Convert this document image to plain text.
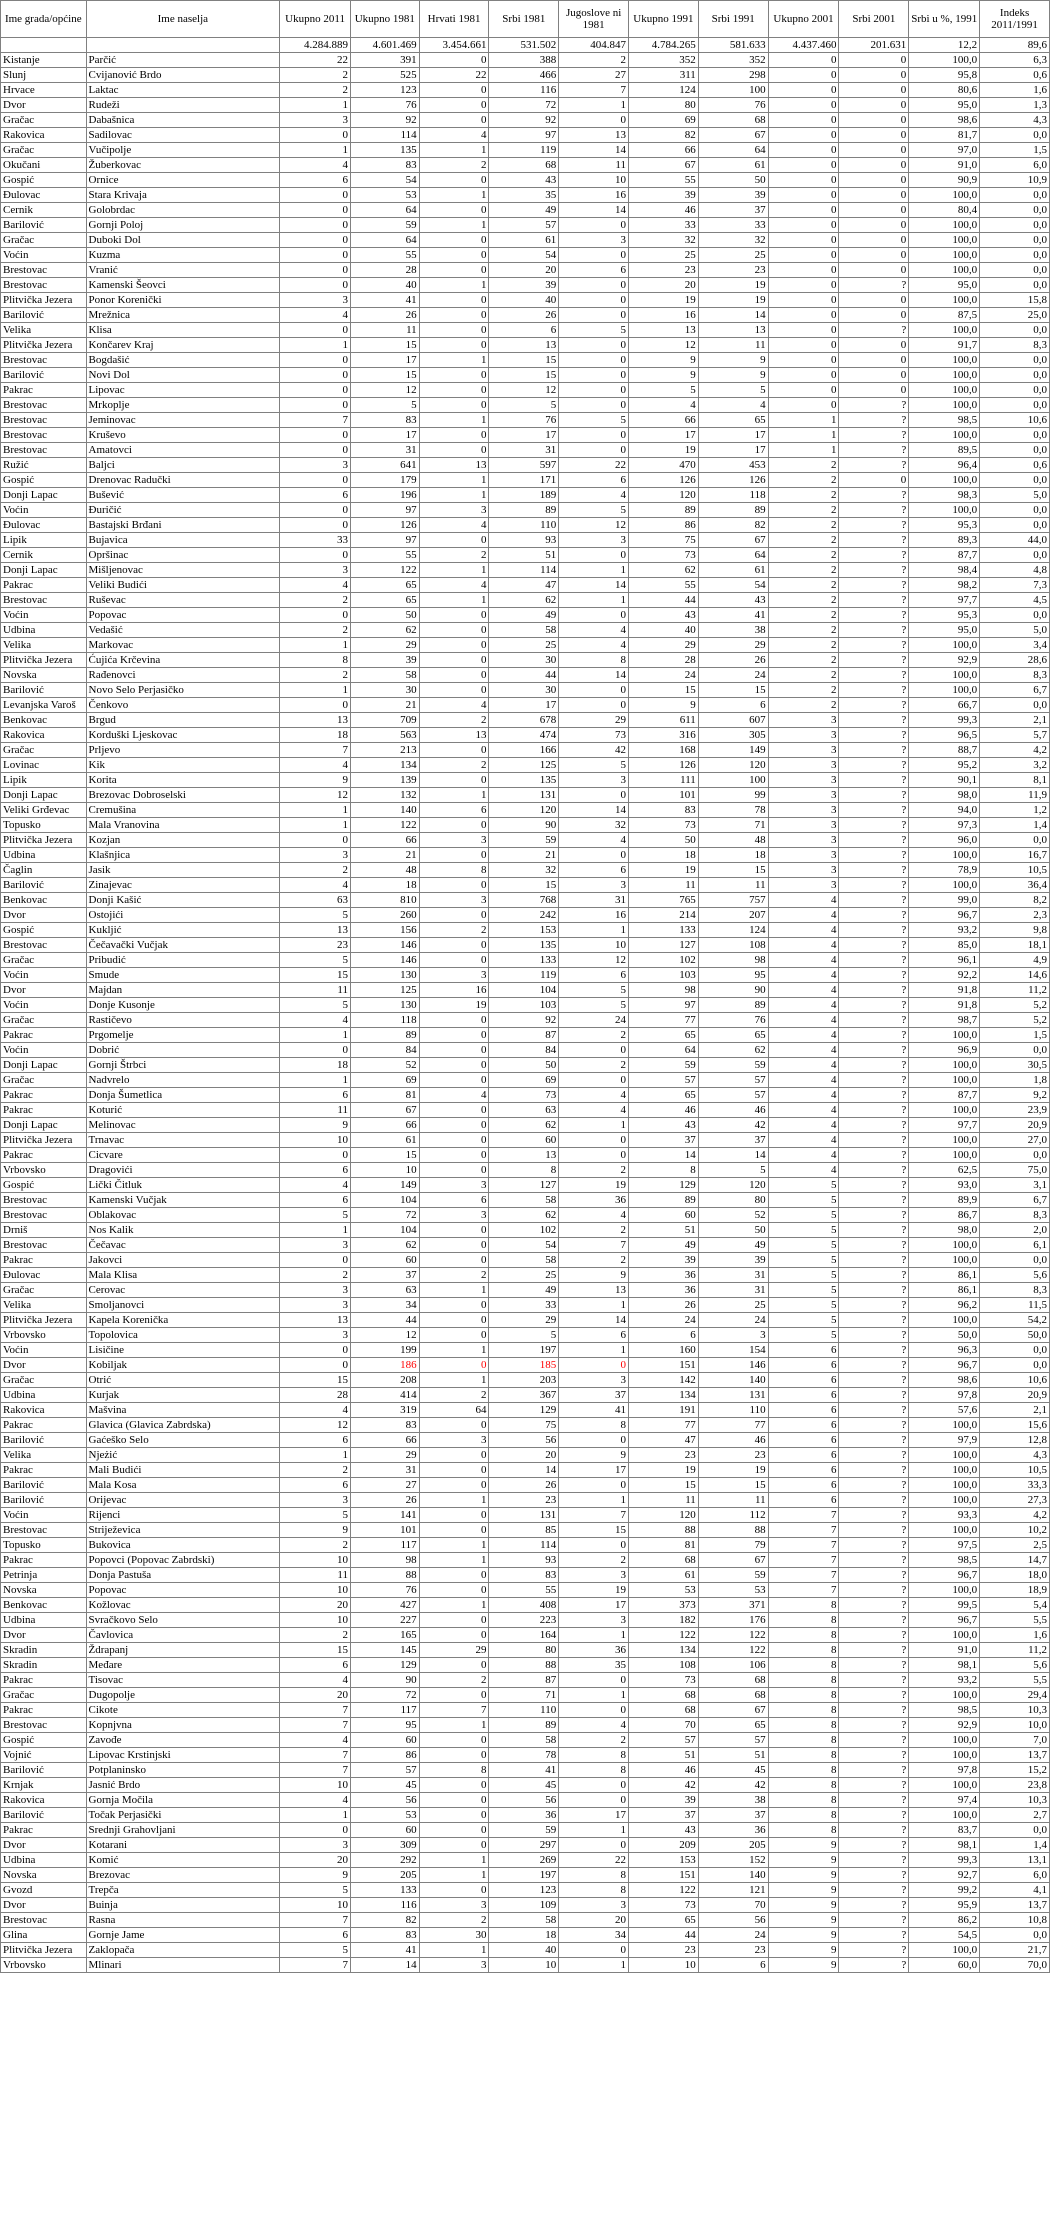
Ime grada/općine	Ime naselja	Ukupno 2011	Ukupno 1981	Hrvati 1981	Srbi 1981	Jugoslove ni 1981	Ukupno 1991	Srbi 1991	Ukupno 2001	Srbi 2001	Srbi u %, 1991	Indeks 2011/1991
		4.284.889	4.601.469	3.454.661	531.502	404.847	4.784.265	581.633	4.437.460	201.631	12,2	89,6
Kistanje	Parčić	22	391	0	388	2	352	352	0	0	100,0	6,3
Slunj	Cvijanović Brdo	2	525	22	466	27	311	298	0	0	95,8	0,6
Hrvace	Laktac	2	123	0	116	7	124	100	0	0	80,6	1,6
Dvor	Rudeži	1	76	0	72	1	80	76	0	0	95,0	1,3
Gračac	Dabašnica	3	92	0	92	0	69	68	0	0	98,6	4,3
Rakovica	Sadilovac	0	114	4	97	13	82	67	0	0	81,7	0,0
Gračac	Vučipolje	1	135	1	119	14	66	64	0	0	97,0	1,5
Okučani	Žuberkovac	4	83	2	68	11	67	61	0	0	91,0	6,0
Gospić	Ornice	6	54	0	43	10	55	50	0	0	90,9	10,9
Đulovac	Stara Krivaja	0	53	1	35	16	39	39	0	0	100,0	0,0
Cernik	Golobrdac	0	64	0	49	14	46	37	0	0	80,4	0,0
Barilović	Gornji Poloj	0	59	1	57	0	33	33	0	0	100,0	0,0
Gračac	Duboki Dol	0	64	0	61	3	32	32	0	0	100,0	0,0
Voćin	Kuzma	0	55	0	54	0	25	25	0	0	100,0	0,0
Brestovac	Vranić	0	28	0	20	6	23	23	0	0	100,0	0,0
Brestovac	Kamenski Šeovci	0	40	1	39	0	20	19	0	?	95,0	0,0
Plitvička Jezera	Ponor Korenički	3	41	0	40	0	19	19	0	0	100,0	15,8
Barilović	Mrežnica	4	26	0	26	0	16	14	0	0	87,5	25,0
Velika	Klisa	0	11	0	6	5	13	13	0	?	100,0	0,0
Plitvička Jezera	Končarev Kraj	1	15	0	13	0	12	11	0	0	91,7	8,3
Brestovac	Bogdašić	0	17	1	15	0	9	9	0	0	100,0	0,0
Barilović	Novi Dol	0	15	0	15	0	9	9	0	0	100,0	0,0
Pakrac	Lipovac	0	12	0	12	0	5	5	0	0	100,0	0,0
Brestovac	Mrkoplje	0	5	0	5	0	4	4	0	?	100,0	0,0
Brestovac	Jeminovac	7	83	1	76	5	66	65	1	?	98,5	10,6
Brestovac	Kruševo	0	17	0	17	0	17	17	1	?	100,0	0,0
Brestovac	Amatovci	0	31	0	31	0	19	17	1	?	89,5	0,0
Ružić	Baljci	3	641	13	597	22	470	453	2	?	96,4	0,6
Gospić	Drenovac Radučki	0	179	1	171	6	126	126	2	0	100,0	0,0
Donji Lapac	Bušević	6	196	1	189	4	120	118	2	?	98,3	5,0
Voćin	Đuričić	0	97	3	89	5	89	89	2	?	100,0	0,0
Đulovac	Bastajski Brđani	0	126	4	110	12	86	82	2	?	95,3	0,0
Lipik	Bujavica	33	97	0	93	3	75	67	2	?	89,3	44,0
Cernik	Opršinac	0	55	2	51	0	73	64	2	?	87,7	0,0
Donji Lapac	Mišljenovac	3	122	1	114	1	62	61	2	?	98,4	4,8
Pakrac	Veliki Budići	4	65	4	47	14	55	54	2	?	98,2	7,3
Brestovac	Ruševac	2	65	1	62	1	44	43	2	?	97,7	4,5
Voćin	Popovac	0	50	0	49	0	43	41	2	?	95,3	0,0
Udbina	Vedašić	2	62	0	58	4	40	38	2	?	95,0	5,0
Velika	Markovac	1	29	0	25	4	29	29	2	?	100,0	3,4
Plitvička Jezera	Ćujića Krčevina	8	39	0	30	8	28	26	2	?	92,9	28,6
Novska	Rađenovci	2	58	0	44	14	24	24	2	?	100,0	8,3
Barilović	Novo Selo Perjasičko	1	30	0	30	0	15	15	2	?	100,0	6,7
Levanjska Varoš	Čenkovo	0	21	4	17	0	9	6	2	?	66,7	0,0
Benkovac	Brgud	13	709	2	678	29	611	607	3	?	99,3	2,1
Rakovica	Korduški Ljeskovac	18	563	13	474	73	316	305	3	?	96,5	5,7
Gračac	Prljevo	7	213	0	166	42	168	149	3	?	88,7	4,2
Lovinac	Kik	4	134	2	125	5	126	120	3	?	95,2	3,2
Lipik	Korita	9	139	0	135	3	111	100	3	?	90,1	8,1
Donji Lapac	Brezovac Dobroselski	12	132	1	131	0	101	99	3	?	98,0	11,9
Veliki Grđevac	Cremušina	1	140	6	120	14	83	78	3	?	94,0	1,2
Topusko	Mala Vranovina	1	122	0	90	32	73	71	3	?	97,3	1,4
Plitvička Jezera	Kozjan	0	66	3	59	4	50	48	3	?	96,0	0,0
Udbina	Klašnjica	3	21	0	21	0	18	18	3	?	100,0	16,7
Čaglin	Jasik	2	48	8	32	6	19	15	3	?	78,9	10,5
Barilović	Zinajevac	4	18	0	15	3	11	11	3	?	100,0	36,4
Benkovac	Donji Kašić	63	810	3	768	31	765	757	4	?	99,0	8,2
Dvor	Ostojići	5	260	0	242	16	214	207	4	?	96,7	2,3
Gospić	Kukljić	13	156	2	153	1	133	124	4	?	93,2	9,8
Brestovac	Čečavački Vučjak	23	146	0	135	10	127	108	4	?	85,0	18,1
Gračac	Pribudić	5	146	0	133	12	102	98	4	?	96,1	4,9
Voćin	Smude	15	130	3	119	6	103	95	4	?	92,2	14,6
Dvor	Majdan	11	125	16	104	5	98	90	4	?	91,8	11,2
Voćin	Donje Kusonje	5	130	19	103	5	97	89	4	?	91,8	5,2
Gračac	Rastičevo	4	118	0	92	24	77	76	4	?	98,7	5,2
Pakrac	Prgomelje	1	89	0	87	2	65	65	4	?	100,0	1,5
Voćin	Dobrić	0	84	0	84	0	64	62	4	?	96,9	0,0
Donji Lapac	Gornji Štrbci	18	52	0	50	2	59	59	4	?	100,0	30,5
Gračac	Nadvrelo	1	69	0	69	0	57	57	4	?	100,0	1,8
Pakrac	Donja Šumetlica	6	81	4	73	4	65	57	4	?	87,7	9,2
Pakrac	Koturić	11	67	0	63	4	46	46	4	?	100,0	23,9
Donji Lapac	Melinovac	9	66	0	62	1	43	42	4	?	97,7	20,9
Plitvička Jezera	Trnavac	10	61	0	60	0	37	37	4	?	100,0	27,0
Pakrac	Cicvare	0	15	0	13	0	14	14	4	?	100,0	0,0
Vrbovsko	Dragovići	6	10	0	8	2	8	5	4	?	62,5	75,0
Gospić	Lički Čitluk	4	149	3	127	19	129	120	5	?	93,0	3,1
Brestovac	Kamenski Vučjak	6	104	6	58	36	89	80	5	?	89,9	6,7
Brestovac	Oblakovac	5	72	3	62	4	60	52	5	?	86,7	8,3
Drniš	Nos Kalik	1	104	0	102	2	51	50	5	?	98,0	2,0
Brestovac	Čečavac	3	62	0	54	7	49	49	5	?	100,0	6,1
Pakrac	Jakovci	0	60	0	58	2	39	39	5	?	100,0	0,0
Đulovac	Mala Klisa	2	37	2	25	9	36	31	5	?	86,1	5,6
Gračac	Cerovac	3	63	1	49	13	36	31	5	?	86,1	8,3
Velika	Smoljanovci	3	34	0	33	1	26	25	5	?	96,2	11,5
Plitvička Jezera	Kapela Korenička	13	44	0	29	14	24	24	5	?	100,0	54,2
Vrbovsko	Topolovica	3	12	0	5	6	6	3	5	?	50,0	50,0
Voćin	Lisičine	0	199	1	197	1	160	154	6	?	96,3	0,0
Dvor	Kobiljak	0	186	0	185	0	151	146	6	?	96,7	0,0
Gračac	Otrić	15	208	1	203	3	142	140	6	?	98,6	10,6
Udbina	Kurjak	28	414	2	367	37	134	131	6	?	97,8	20,9
Rakovica	Mašvina	4	319	64	129	41	191	110	6	?	57,6	2,1
Pakrac	Glavica (Glavica Zabrdska)	12	83	0	75	8	77	77	6	?	100,0	15,6
Barilović	Gaćeško Selo	6	66	3	56	0	47	46	6	?	97,9	12,8
Velika	Njeżić	1	29	0	20	9	23	23	6	?	100,0	4,3
Pakrac	Mali Budići	2	31	0	14	17	19	19	6	?	100,0	10,5
Barilović	Mala Kosa	6	27	0	26	0	15	15	6	?	100,0	33,3
Barilović	Orijevac	3	26	1	23	1	11	11	6	?	100,0	27,3
Voćin	Rijenci	5	141	0	131	7	120	112	7	?	93,3	4,2
Brestovac	Striježevica	9	101	0	85	15	88	88	7	?	100,0	10,2
Topusko	Bukovica	2	117	1	114	0	81	79	7	?	97,5	2,5
Pakrac	Popovci (Popovac Zabrdski)	10	98	1	93	2	68	67	7	?	98,5	14,7
Petrinja	Donja Pastuša	11	88	0	83	3	61	59	7	?	96,7	18,0
Novska	Popovac	10	76	0	55	19	53	53	7	?	100,0	18,9
Benkovac	Kožlovac	20	427	1	408	17	373	371	8	?	99,5	5,4
Udbina	Svračkovo Selo	10	227	0	223	3	182	176	8	?	96,7	5,5
Dvor	Čavlovica	2	165	0	164	1	122	122	8	?	100,0	1,6
Skradin	Ždrapanj	15	145	29	80	36	134	122	8	?	91,0	11,2
Skradin	Međare	6	129	0	88	35	108	106	8	?	98,1	5,6
Pakrac	Tisovac	4	90	2	87	0	73	68	8	?	93,2	5,5
Gračac	Dugopolje	20	72	0	71	1	68	68	8	?	100,0	29,4
Pakrac	Cikote	7	117	7	110	0	68	67	8	?	98,5	10,3
Brestovac	Kopnjvna	7	95	1	89	4	70	65	8	?	92,9	10,0
Gospić	Zavođe	4	60	0	58	2	57	57	8	?	100,0	7,0
Vojnić	Lipovac Krstinjski	7	86	0	78	8	51	51	8	?	100,0	13,7
Barilović	Potplaninsko	7	57	8	41	8	46	45	8	?	97,8	15,2
Krnjak	Jasnić Brdo	10	45	0	45	0	42	42	8	?	100,0	23,8
Rakovica	Gornja Močila	4	56	0	56	0	39	38	8	?	97,4	10,3
Barilović	Točak Perjasički	1	53	0	36	17	37	37	8	?	100,0	2,7
Pakrac	Srednji Grahovljani	0	60	0	59	1	43	36	8	?	83,7	0,0
Dvor	Kotarani	3	309	0	297	0	209	205	9	?	98,1	1,4
Udbina	Komić	20	292	1	269	22	153	152	9	?	99,3	13,1
Novska	Brezovac	9	205	1	197	8	151	140	9	?	92,7	6,0
Gvozd	Trepča	5	133	0	123	8	122	121	9	?	99,2	4,1
Dvor	Buinja	10	116	3	109	3	73	70	9	?	95,9	13,7
Brestovac	Rasna	7	82	2	58	20	65	56	9	?	86,2	10,8
Glina	Gornje Jame	6	83	30	18	34	44	24	9	?	54,5	0,0
Plitvička Jezera	Zaklopača	5	41	1	40	0	23	23	9	?	100,0	21,7
Vrbovsko	Mlinari	7	14	3	10	1	10	6	9	?	60,0	70,0
